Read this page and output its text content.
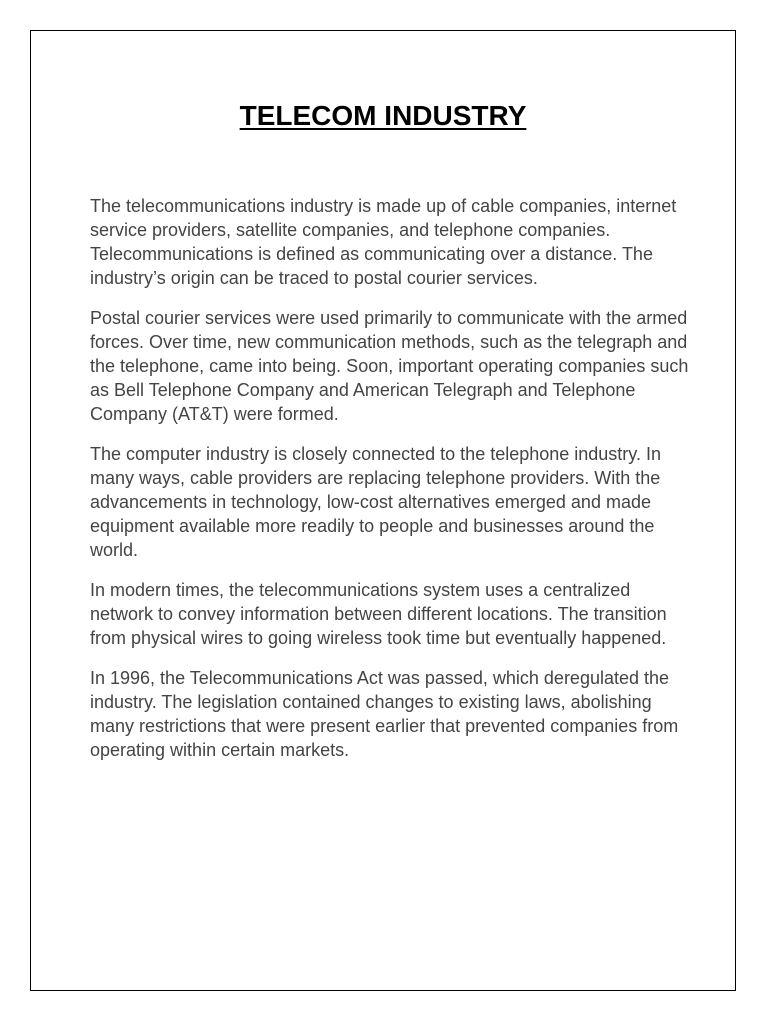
TELECOM INDUSTRY

The telecommunications industry is made up of cable companies, internet service providers, satellite companies, and telephone companies. Telecommunications is defined as communicating over a distance. The industry’s origin can be traced to postal courier services.

Postal courier services were used primarily to communicate with the armed forces. Over time, new communication methods, such as the telegraph and the telephone, came into being. Soon, important operating companies such as Bell Telephone Company and American Telegraph and Telephone Company (AT&T) were formed.

The computer industry is closely connected to the telephone industry. In many ways, cable providers are replacing telephone providers. With the advancements in technology, low-cost alternatives emerged and made equipment available more readily to people and businesses around the world.

In modern times, the telecommunications system uses a centralized network to convey information between different locations. The transition from physical wires to going wireless took time but eventually happened.

In 1996, the Telecommunications Act was passed, which deregulated the industry. The legislation contained changes to existing laws, abolishing many restrictions that were present earlier that prevented companies from operating within certain markets.
